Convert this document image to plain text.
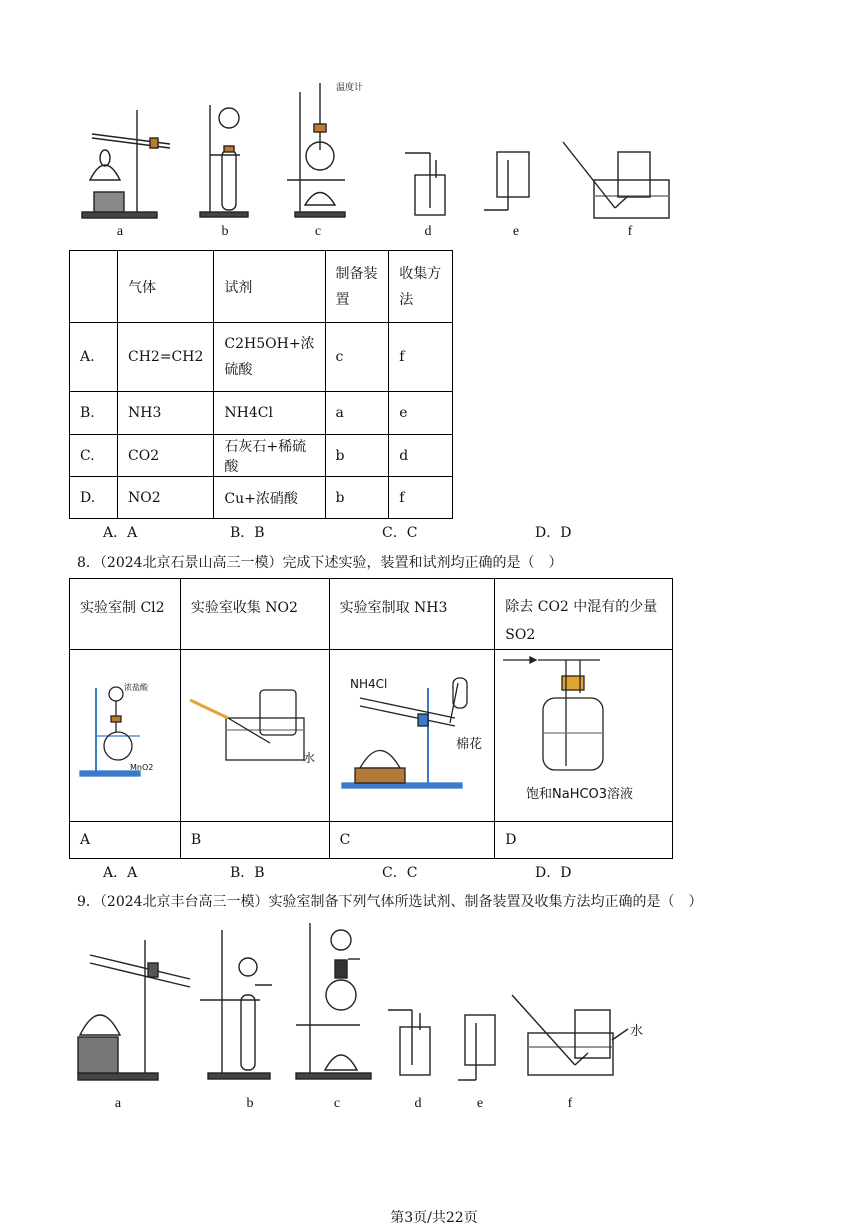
a	b	c	d	e	f
温度计
	气体	试剂	制备装置	收集方法
A.	CH2=CH2	C2H5OH+浓硫酸	c	f
B.	NH3	NH4Cl	a	e
C.	CO2	石灰石+稀硫酸	b	d
D.	NO2	Cu+浓硝酸	b	f
A．A	B．B	C．C	D．D
8．（2024北京石景山高三一模）完成下述实验，装置和试剂均正确的是（　）
实验室制 Cl2	实验室收集 NO2	实验室制取 NH3	除去 CO2 中混有的少量 SO2

A	B	C	D
浓盐酸
MnO2
水
NH4Cl
棉花
饱和NaHCO3溶液
A．A	B．B	C．C	D．D
9．（2024北京丰台高三一模）实验室制备下列气体所选试剂、制备装置及收集方法均正确的是（　）
a	b	c	d	e	f
水
第3页/共22页
